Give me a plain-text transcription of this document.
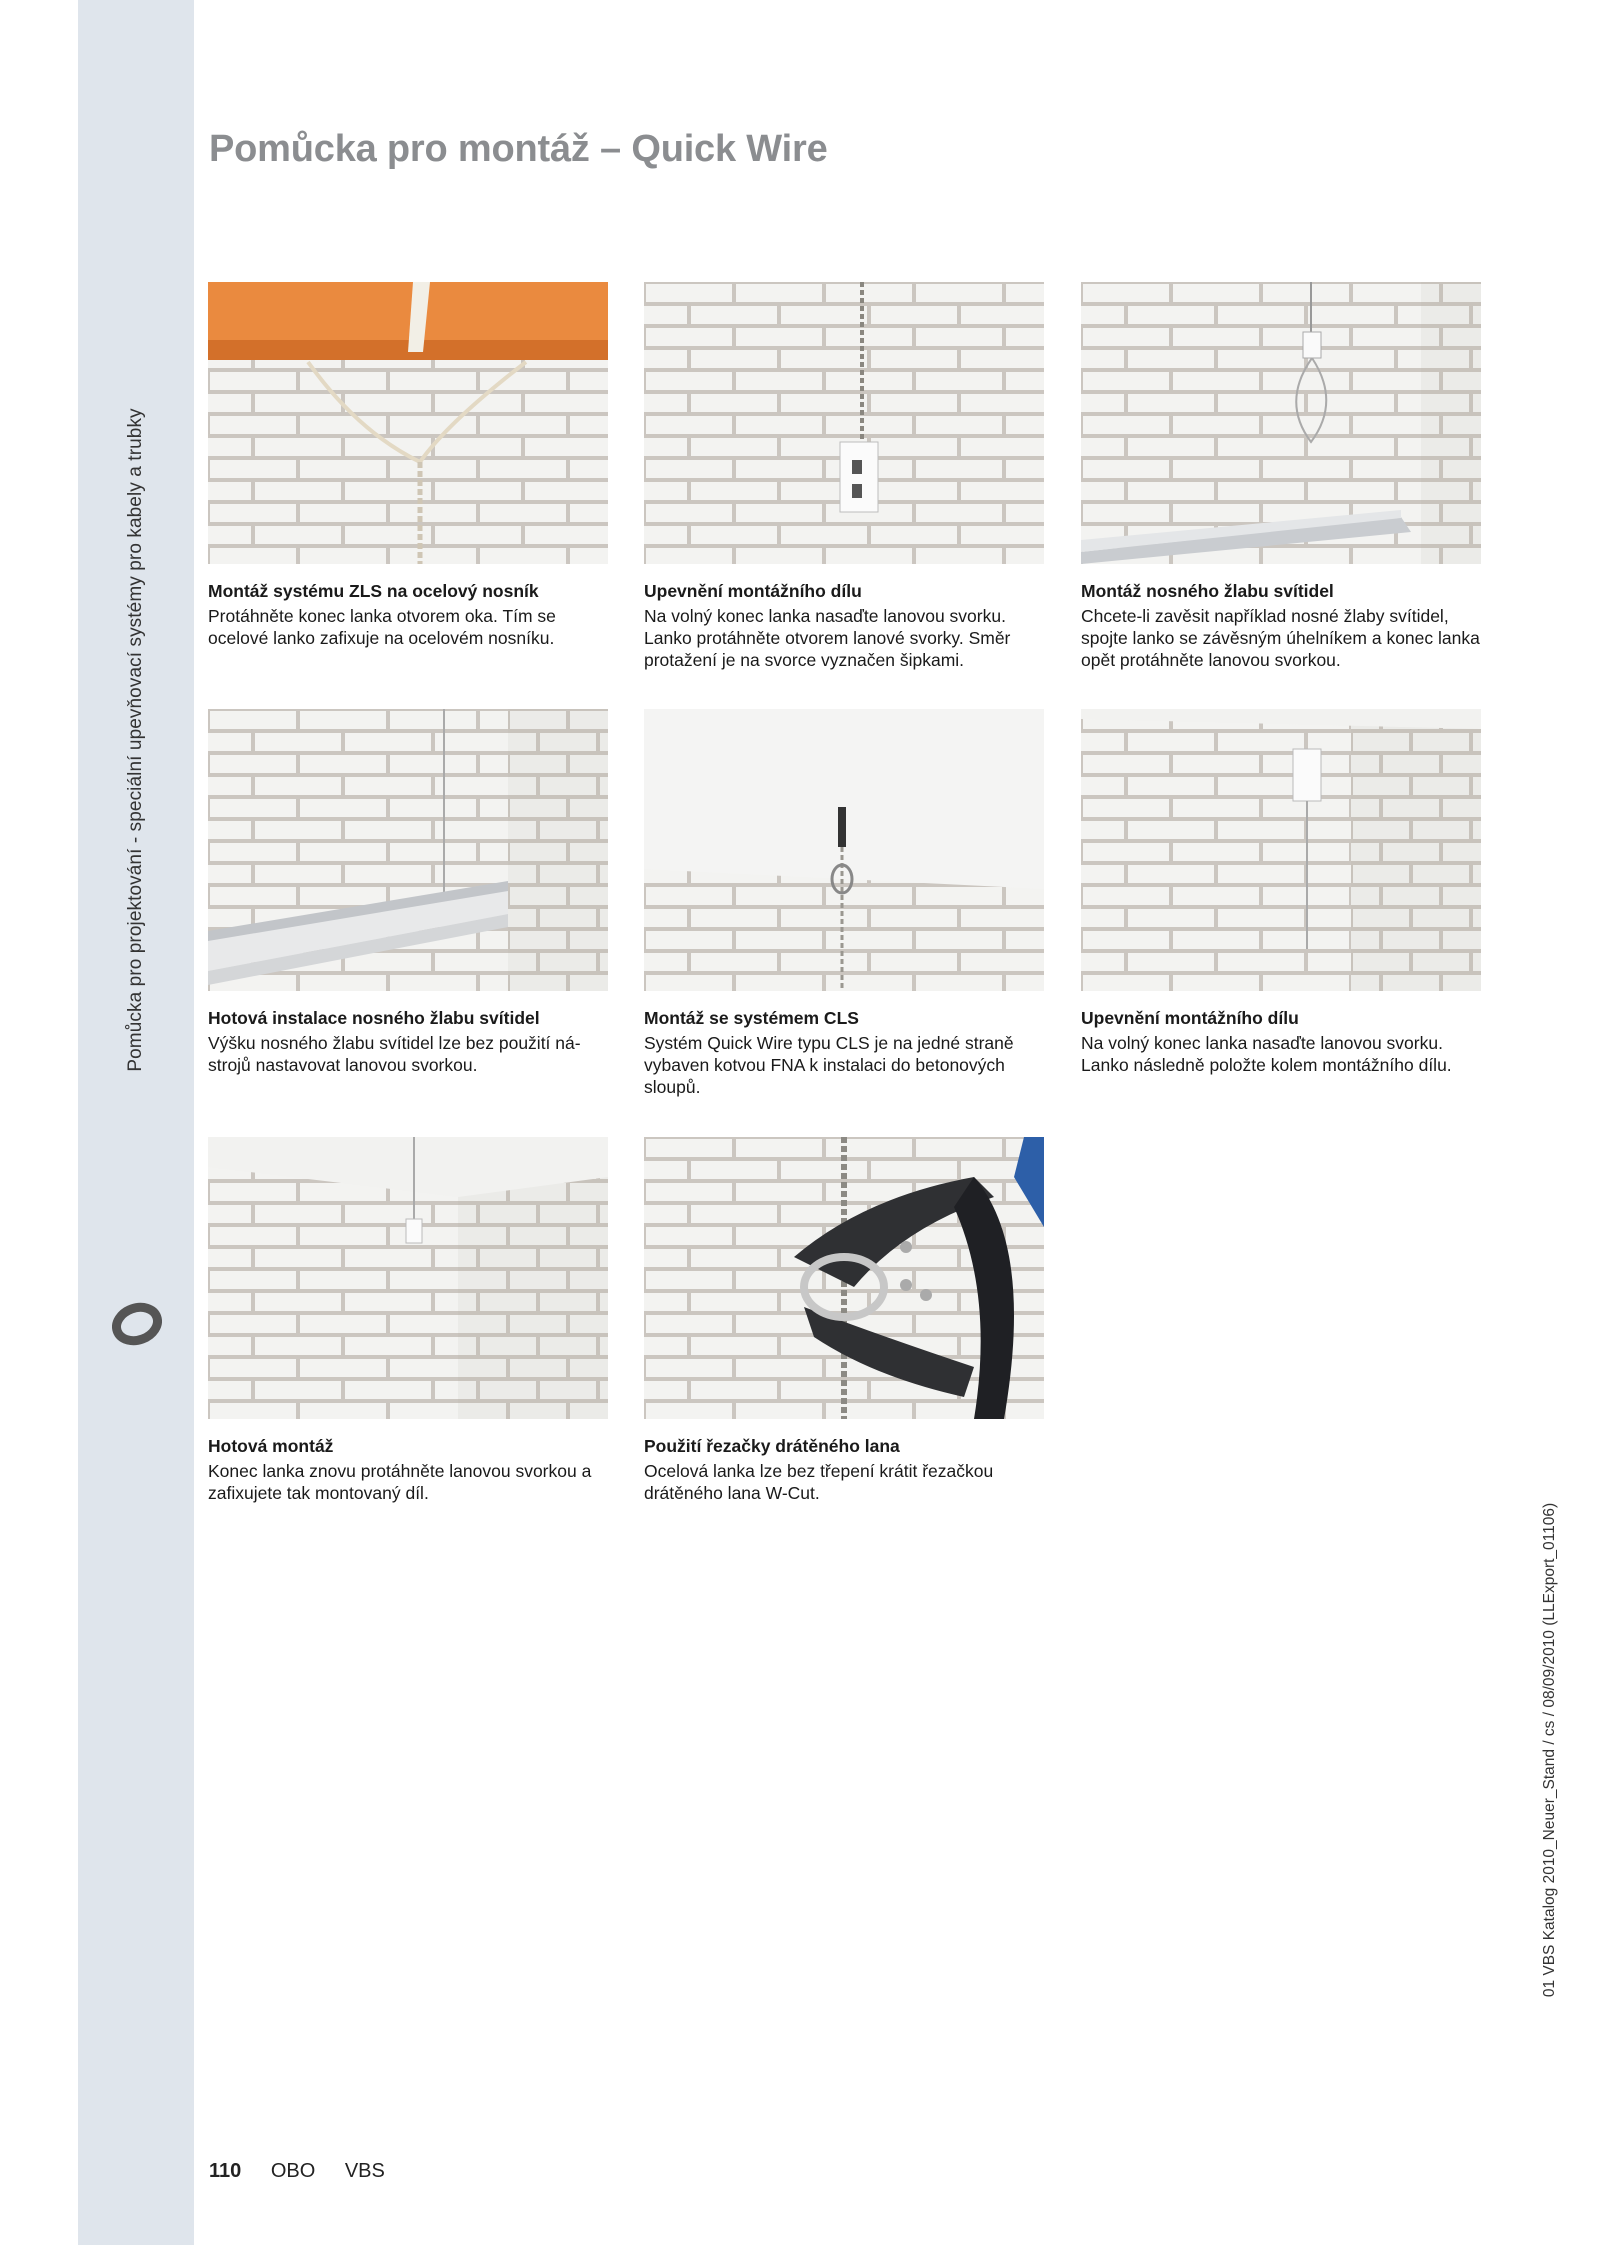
Pomůcka pro projektování - speciální upevňovací systémy pro kabely a trubky
Pomůcka pro montáž – Quick Wire
Montáž systému ZLS na ocelový nosník
Protáhněte konec lanka otvorem oka. Tím se ocelové lanko zafixuje na ocelovém nosníku.
Upevnění montážního dílu
Na volný konec lanka nasaďte lanovou svorku. Lanko protáhněte otvorem lanové svorky. Směr protažení je na svorce vyznačen šipkami.
Montáž nosného žlabu svítidel
Chcete-li zavěsit například nosné žlaby svítidel, spojte lanko se závěsným úhelníkem a konec lanka opět protáhněte lanovou svorkou.
Hotová instalace nosného žlabu svítidel
Výšku nosného žlabu svítidel lze bez použití ná-strojů nastavovat lanovou svorkou.
Montáž se systémem CLS
Systém Quick Wire typu CLS je na jedné straně vybaven kotvou FNA k instalaci do betonových sloupů.
Upevnění montážního dílu
Na volný konec lanka nasaďte lanovou svorku. Lanko následně položte kolem montážního dílu.
Hotová montáž
Konec lanka znovu protáhněte lanovou svorkou a zafixujete tak montovaný díl.
Použití řezačky drátěného lana
Ocelová lanka lze bez třepení krátit řezačkou drátěného lana W-Cut.
01 VBS Katalog 2010_Neuer_Stand / cs / 08/09/2010 (LLExport_01106)
110 OBO VBS
